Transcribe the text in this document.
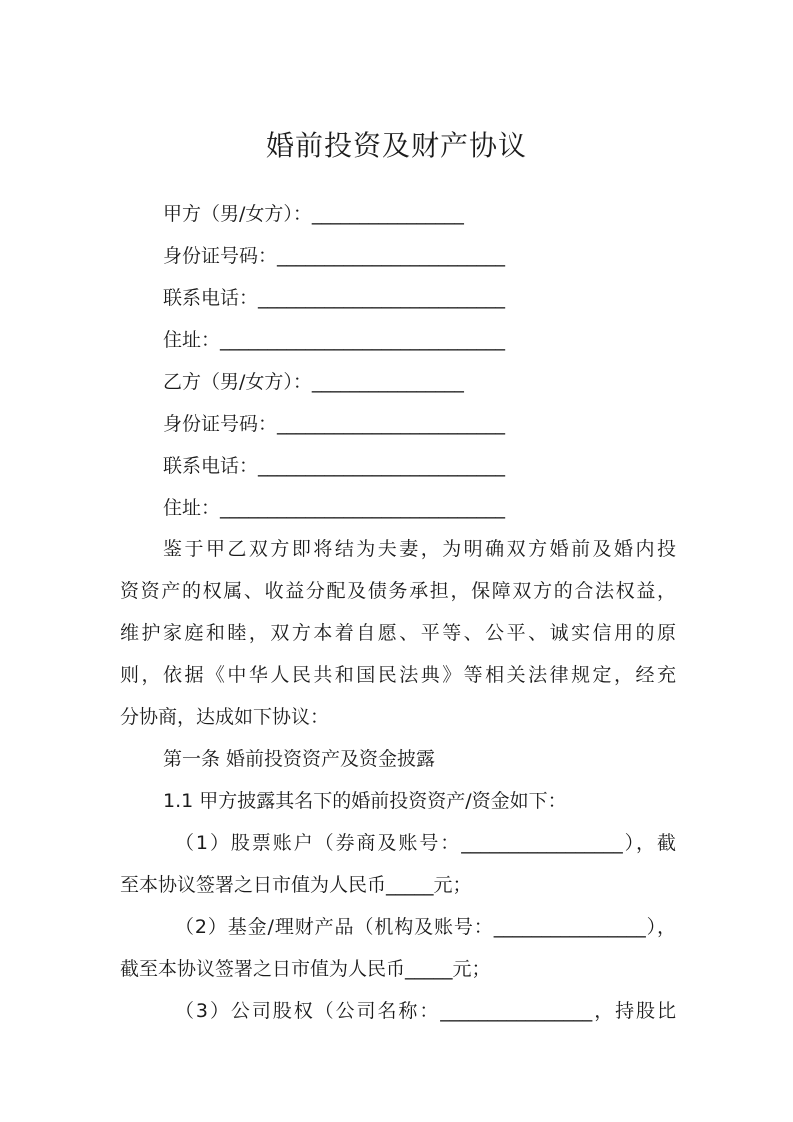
婚前投资及财产协议
甲方（男/女方）：________________
身份证号码：________________________
联系电话：__________________________
住址：______________________________
乙方（男/女方）：________________
身份证号码：________________________
联系电话：__________________________
住址：______________________________
鉴于甲乙双方即将结为夫妻，为明确双方婚前及婚内投
资资产的权属、收益分配及债务承担，保障双方的合法权益，
维护家庭和睦，双方本着自愿、平等、公平、诚实信用的原
则，依据《中华人民共和国民法典》等相关法律规定，经充
分协商，达成如下协议：
第一条 婚前投资资产及资金披露
1.1 甲方披露其名下的婚前投资资产/资金如下：
（1）股票账户（券商及账号：_________________），截
至本协议签署之日市值为人民币_____元；
（2）基金/理财产品（机构及账号：________________），
截至本协议签署之日市值为人民币_____元；
（3）公司股权（公司名称：________________，持股比
